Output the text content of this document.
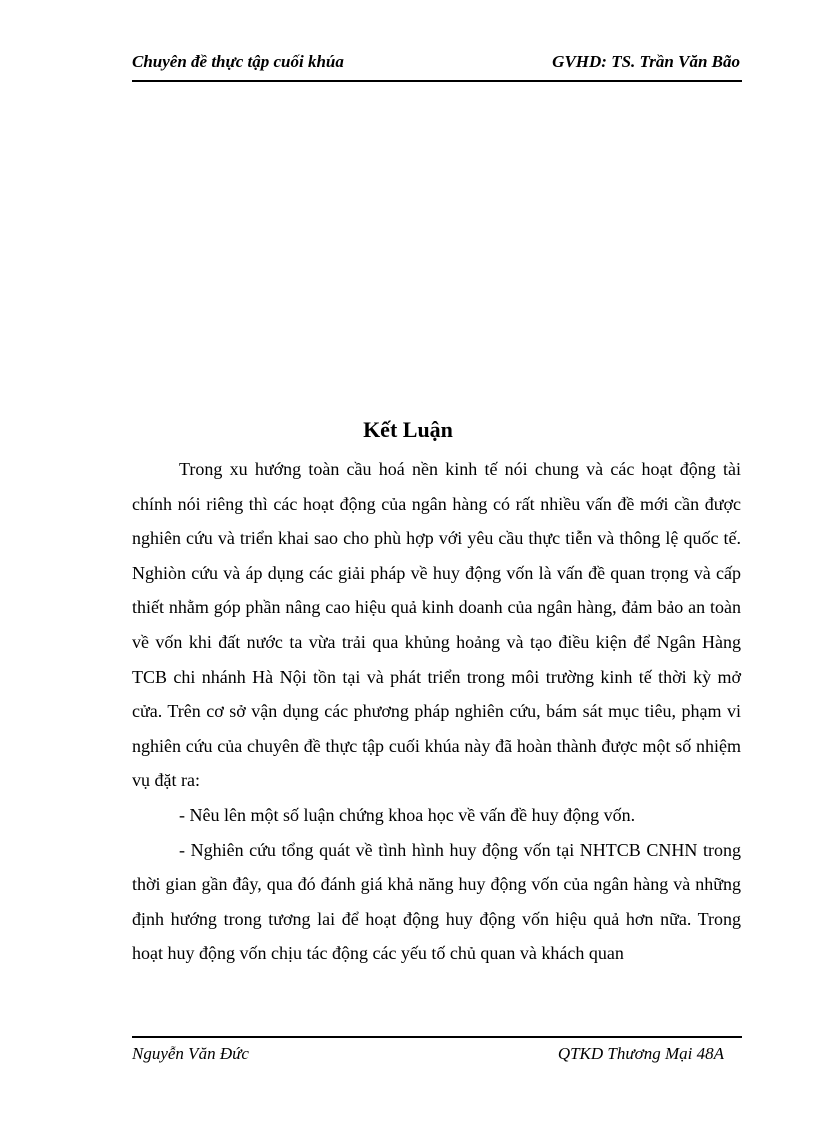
Chuyên đề thực tập cuối khúa	GVHD: TS. Trần Văn Bão
Kết Luận

Trong xu hướng toàn cầu hoá nền kinh tế nói chung và các hoạt động tài chính nói riêng thì các hoạt động của ngân hàng có rất nhiều vấn đề mới cần được nghiên cứu và triển khai sao cho phù hợp với yêu cầu thực tiễn và thông lệ quốc tế. Nghiòn cứu và áp dụng các giải pháp về huy động vốn là vấn đề quan trọng và cấp thiết nhằm góp phần nâng cao hiệu quả kinh doanh của ngân hàng, đảm bảo an toàn về vốn khi đất nước ta vừa trải qua khủng hoảng và tạo điều kiện để Ngân Hàng TCB chi nhánh Hà Nội tồn tại và phát triển trong môi trường kinh tế thời kỳ mở cửa. Trên cơ sở vận dụng các phương pháp nghiên cứu, bám sát mục tiêu, phạm vi nghiên cứu của chuyên đề thực tập cuối khúa này đã hoàn thành được một số nhiệm vụ đặt ra:

- Nêu lên một số luận chứng khoa học về vấn đề huy động vốn.

- Nghiên cứu tổng quát về tình hình huy động vốn tại NHTCB CNHN trong thời gian gần đây, qua đó đánh giá khả năng huy động vốn của ngân hàng và những định hướng trong tương lai để hoạt động huy động vốn hiệu quả hơn nữa. Trong hoạt huy động vốn chịu tác động các yếu tố chủ quan và khách quan

Nguyễn Văn Đức	QTKD Thương Mại 48A
